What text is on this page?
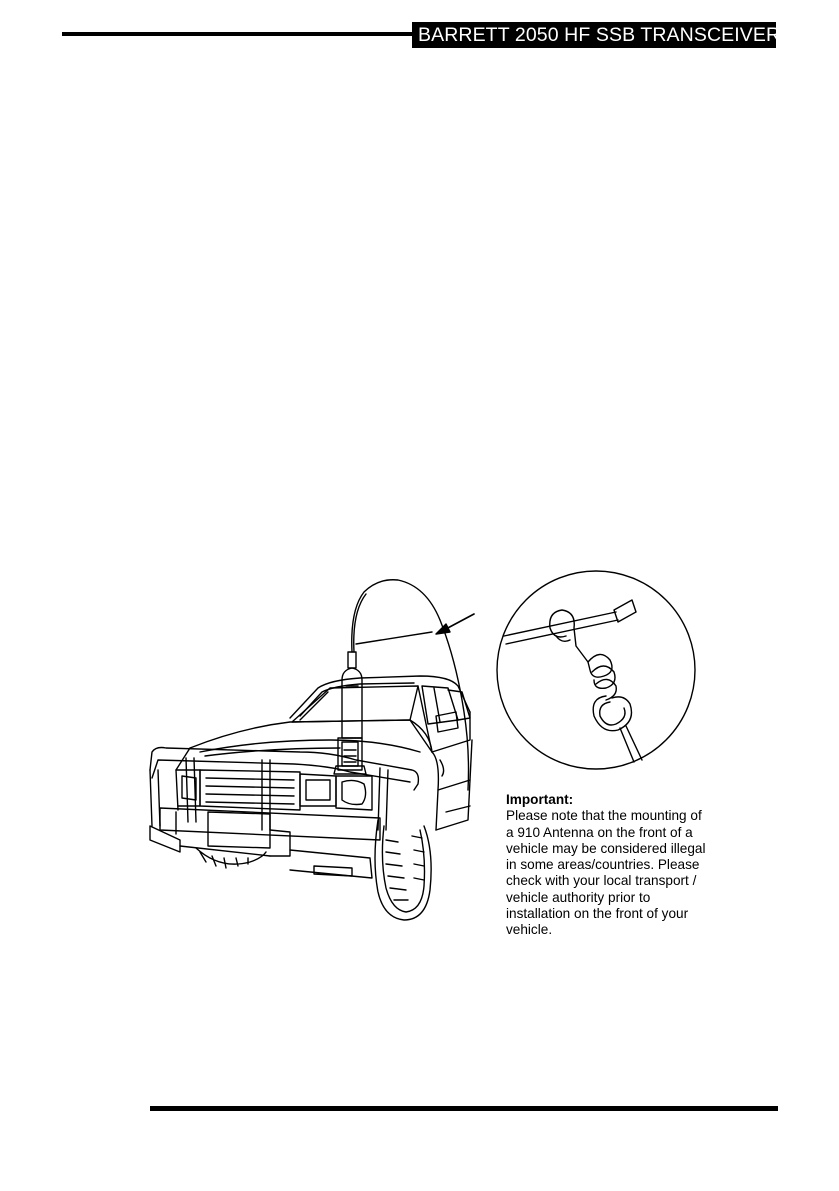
BARRETT 2050 HF SSB TRANSCEIVER
Important:
Please note that the mounting of
a 910 Antenna on the front of a
vehicle may be considered illegal
in some areas/countries. Please
check with your local transport /
vehicle authority prior to
installation on the front of your
vehicle.
